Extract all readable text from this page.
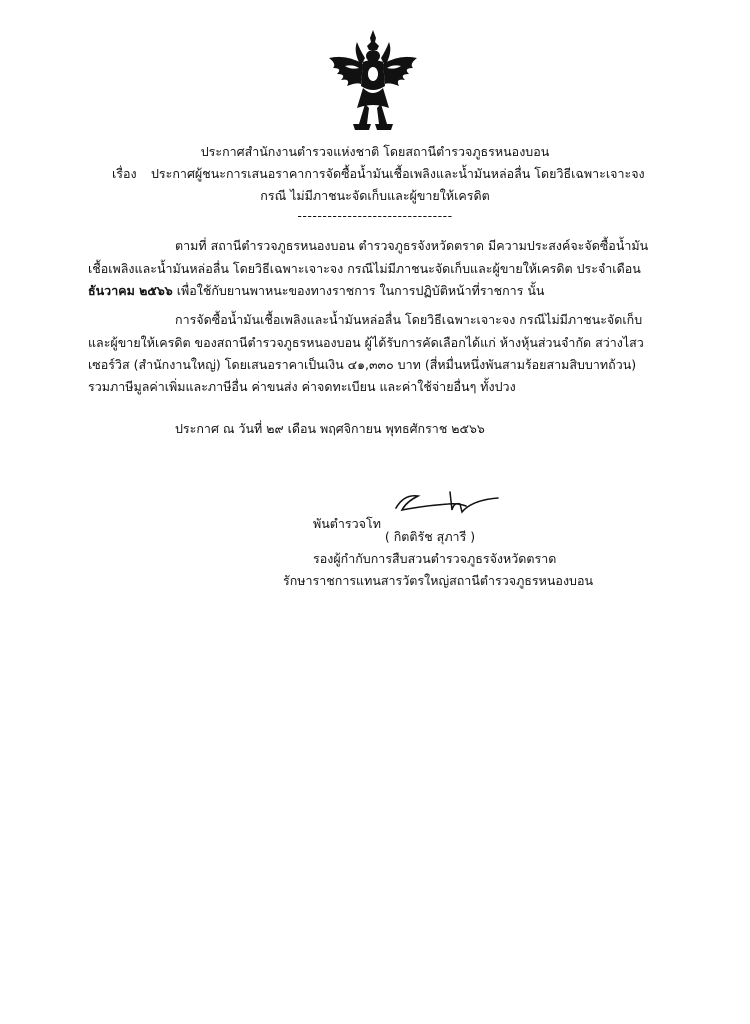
ประกาศสำนักงานตำรวจแห่งชาติ โดยสถานีตำรวจภูธรหนองบอน
เรื่อง ประกาศผู้ชนะการเสนอราคาการจัดซื้อน้ำมันเชื้อเพลิงและน้ำมันหล่อลื่น โดยวิธีเฉพาะเจาะจง
กรณี ไม่มีภาชนะจัดเก็บและผู้ขายให้เครดิต
-------------------------------
ตามที่ สถานีตำรวจภูธรหนองบอน ตำรวจภูธรจังหวัดตราด มีความประสงค์จะจัดซื้อน้ำมัน
เชื้อเพลิงและน้ำมันหล่อลื่น โดยวิธีเฉพาะเจาะจง กรณีไม่มีภาชนะจัดเก็บและผู้ขายให้เครดิต ประจำเดือน
ธันวาคม ๒๕๖๖ เพื่อใช้กับยานพาหนะของทางราชการ ในการปฏิบัติหน้าที่ราชการ นั้น
การจัดซื้อน้ำมันเชื้อเพลิงและน้ำมันหล่อลื่น โดยวิธีเฉพาะเจาะจง กรณีไม่มีภาชนะจัดเก็บ
และผู้ขายให้เครดิต ของสถานีตำรวจภูธรหนองบอน ผู้ได้รับการคัดเลือกได้แก่ ห้างหุ้นส่วนจำกัด สว่างไสว
เซอร์วิส (สำนักงานใหญ่) โดยเสนอราคาเป็นเงิน ๔๑,๓๓๐ บาท (สี่หมื่นหนึ่งพันสามร้อยสามสิบบาทถ้วน)
รวมภาษีมูลค่าเพิ่มและภาษีอื่น ค่าขนส่ง ค่าจดทะเบียน และค่าใช้จ่ายอื่นๆ ทั้งปวง
ประกาศ ณ วันที่ ๒๙ เดือน พฤศจิกายน พุทธศักราช ๒๕๖๖
พันตำรวจโท
( กิตติรัช สุภารี )
รองผู้กำกับการสืบสวนตำรวจภูธรจังหวัดตราด
รักษาราชการแทนสารวัตรใหญ่สถานีตำรวจภูธรหนองบอน
